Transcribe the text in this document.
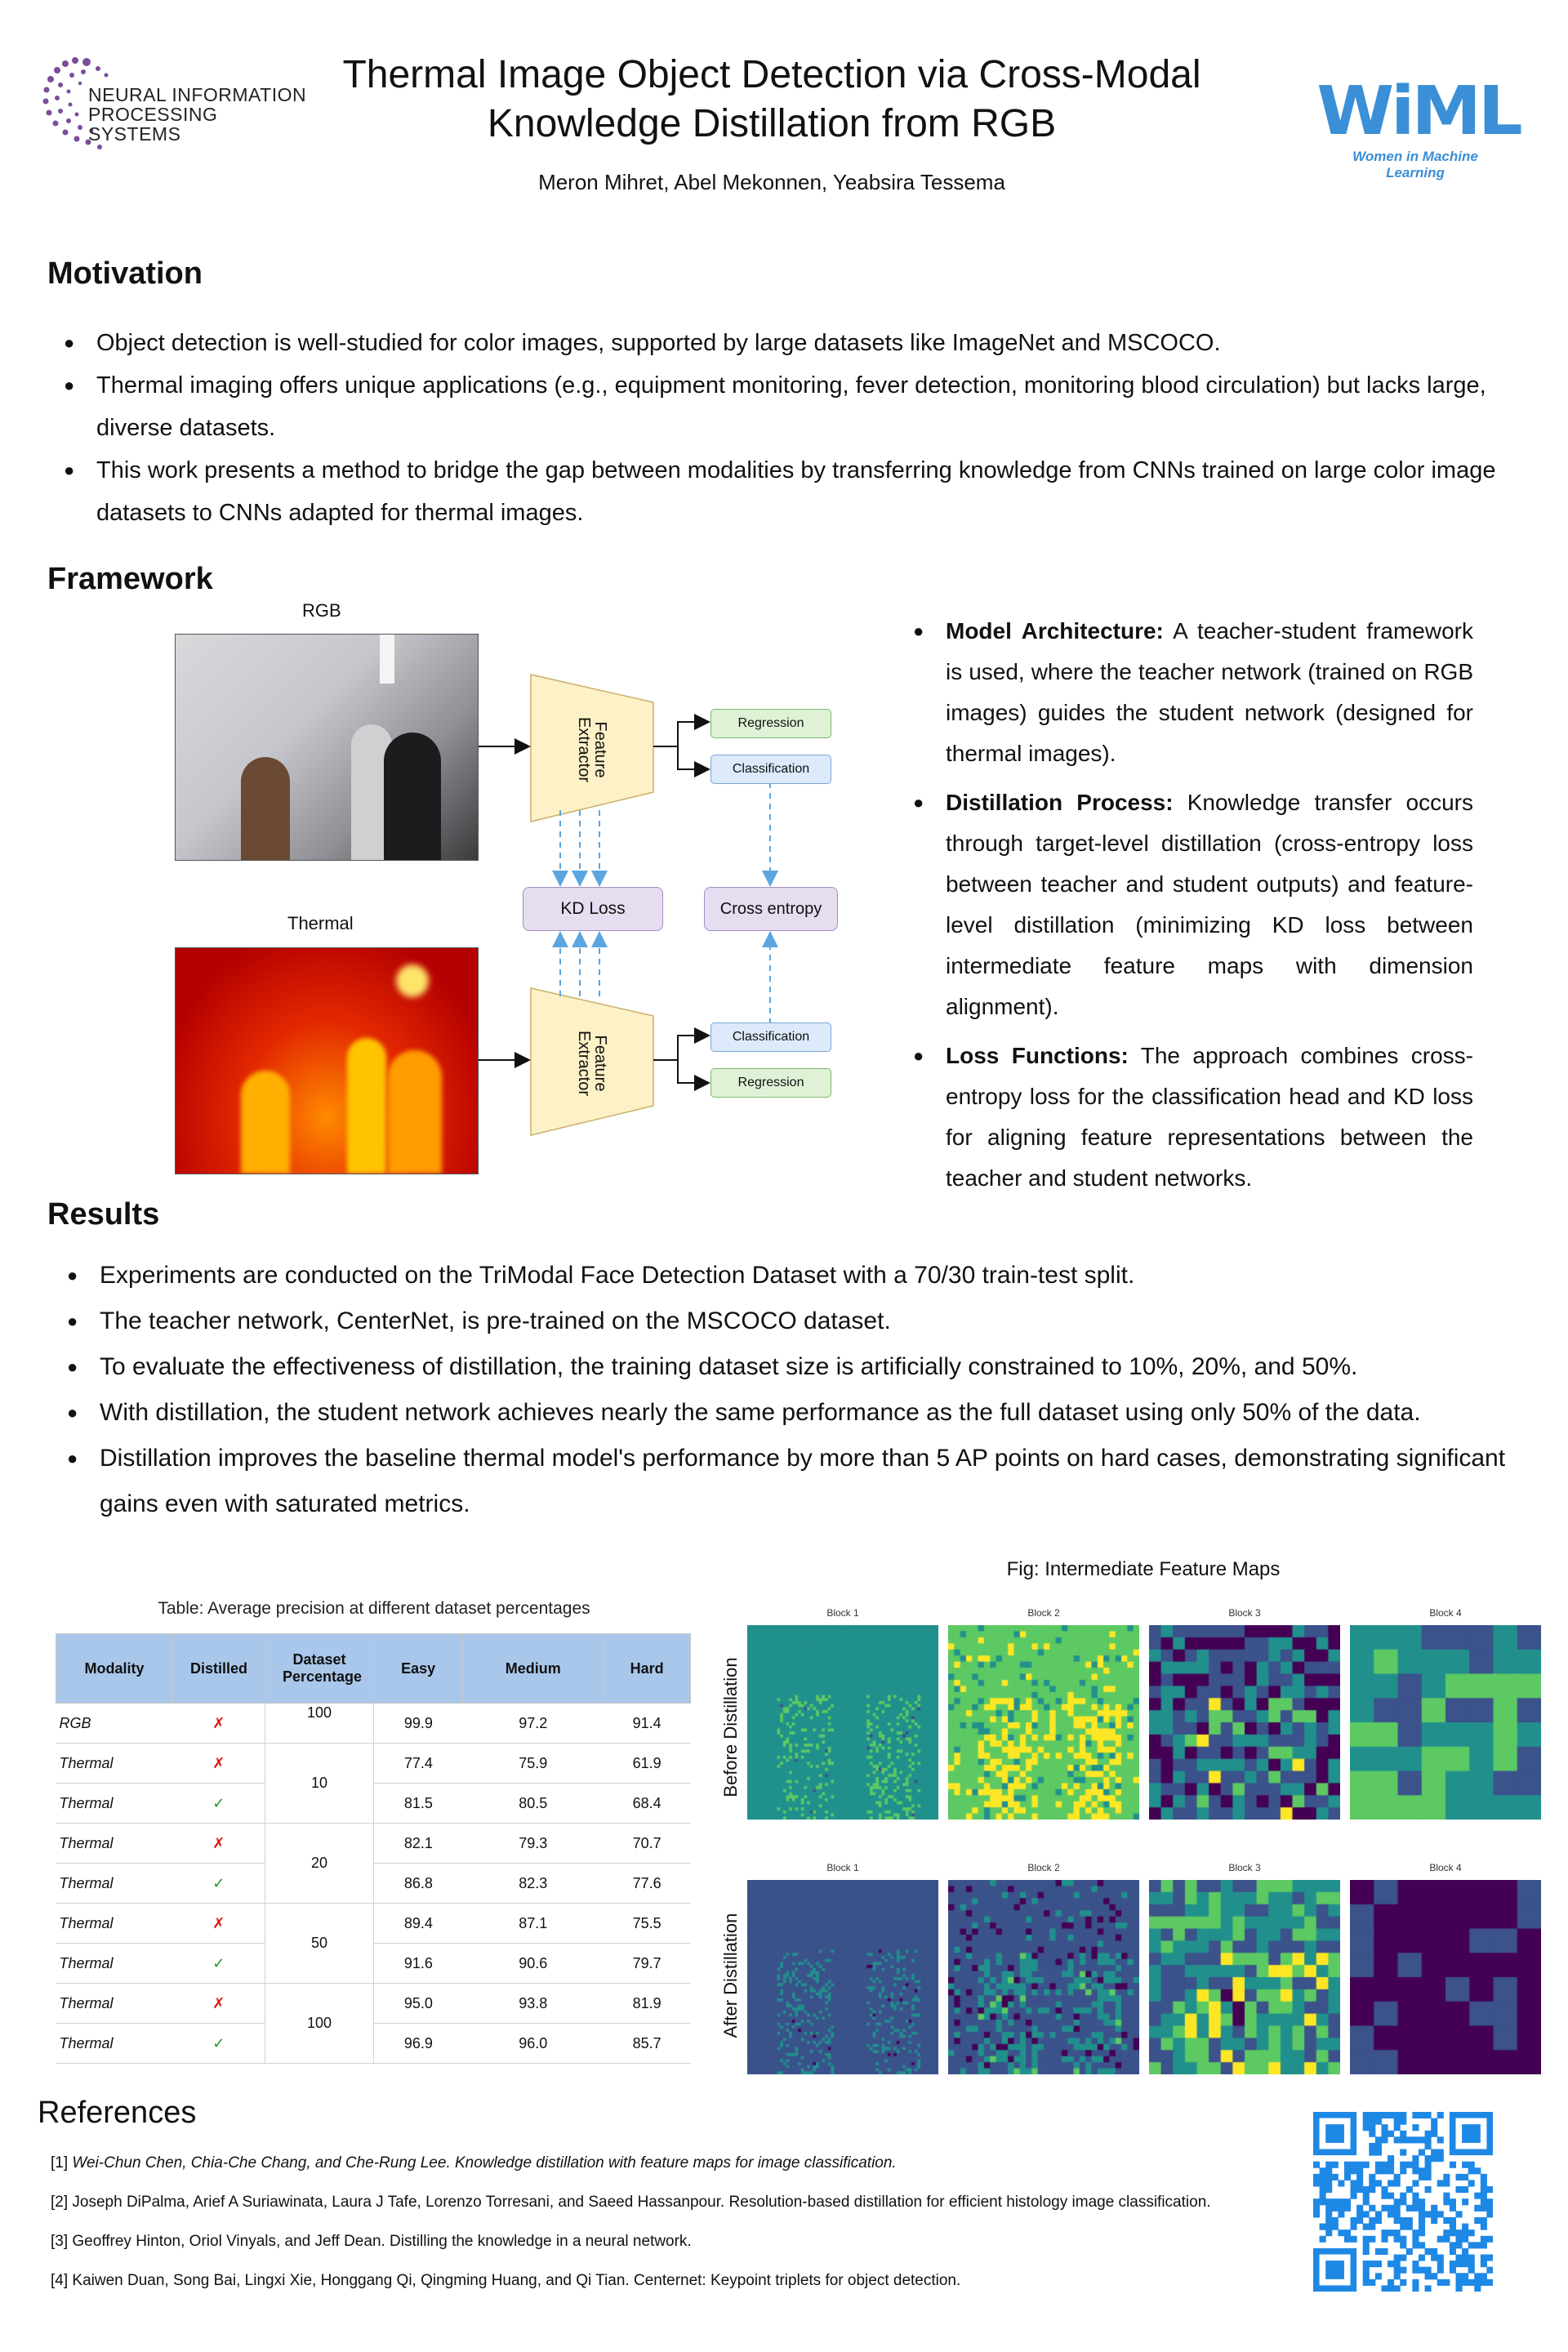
NEURAL INFORMATION
PROCESSING SYSTEMS
Thermal Image Object Detection via Cross-Modal
Knowledge Distillation from RGB
Meron Mihret, Abel Mekonnen, Yeabsira Tessema
WiML
Women in Machine Learning
Motivation
● Object detection is well-studied for color images, supported by large datasets like ImageNet and MSCOCO.
● Thermal imaging offers unique applications (e.g., equipment monitoring, fever detection, monitoring blood circulation) but lacks large, diverse datasets.
● This work presents a method to bridge the gap between modalities by transferring knowledge from CNNs trained on large color image datasets to CNNs adapted for thermal images.
Framework
RGB
Thermal
Feature
Extractor
Feature
Extractor
Regression
Classification
Classification
Regression
KD Loss	Cross entropy
● Model Architecture: A teacher-student framework is used, where the teacher network (trained on RGB images) guides the student network (designed for thermal images).
● Distillation Process: Knowledge transfer occurs through target-level distillation (cross-entropy loss between teacher and student outputs) and feature-level distillation (minimizing KD loss between intermediate feature maps with dimension alignment).
● Loss Functions: The approach combines cross-entropy loss for the classification head and KD loss for aligning feature representations between the teacher and student networks.
Results
● Experiments are conducted on the TriModal Face Detection Dataset with a 70/30 train-test split.
● The teacher network, CenterNet, is pre-trained on the MSCOCO dataset.
● To evaluate the effectiveness of distillation, the training dataset size is artificially constrained to 10%, 20%, and 50%.
● With distillation, the student network achieves nearly the same performance as the full dataset using only 50% of the data.
● Distillation improves the baseline thermal model's performance by more than 5 AP points on hard cases, demonstrating significant gains even with saturated metrics.
Table: Average precision at different dataset percentages
Modality	Distilled	Dataset Percentage	Easy	Medium	Hard
RGB	✗	100	99.9	97.2	91.4
Thermal	✗	10	77.4	75.9	61.9
Thermal	✓		81.5	80.5	68.4
Thermal	✗	20	82.1	79.3	70.7
Thermal	✓		86.8	82.3	77.6
Thermal	✗	50	89.4	87.1	75.5
Thermal	✓		91.6	90.6	79.7
Thermal	✗	100	95.0	93.8	81.9
Thermal	✓		96.9	96.0	85.7
Fig: Intermediate Feature Maps
Before Distillation
After Distillation
Block 1	Block 2	Block 3	Block 4
Block 1	Block 2	Block 3	Block 4
References
[1] Wei-Chun Chen, Chia-Che Chang, and Che-Rung Lee. Knowledge distillation with feature maps for image classification.
[2] Joseph DiPalma, Arief A Suriawinata, Laura J Tafe, Lorenzo Torresani, and Saeed Hassanpour. Resolution-based distillation for efficient histology image classification.
[3] Geoffrey Hinton, Oriol Vinyals, and Jeff Dean. Distilling the knowledge in a neural network.
[4] Kaiwen Duan, Song Bai, Lingxi Xie, Honggang Qi, Qingming Huang, and Qi Tian. Centernet: Keypoint triplets for object detection.
